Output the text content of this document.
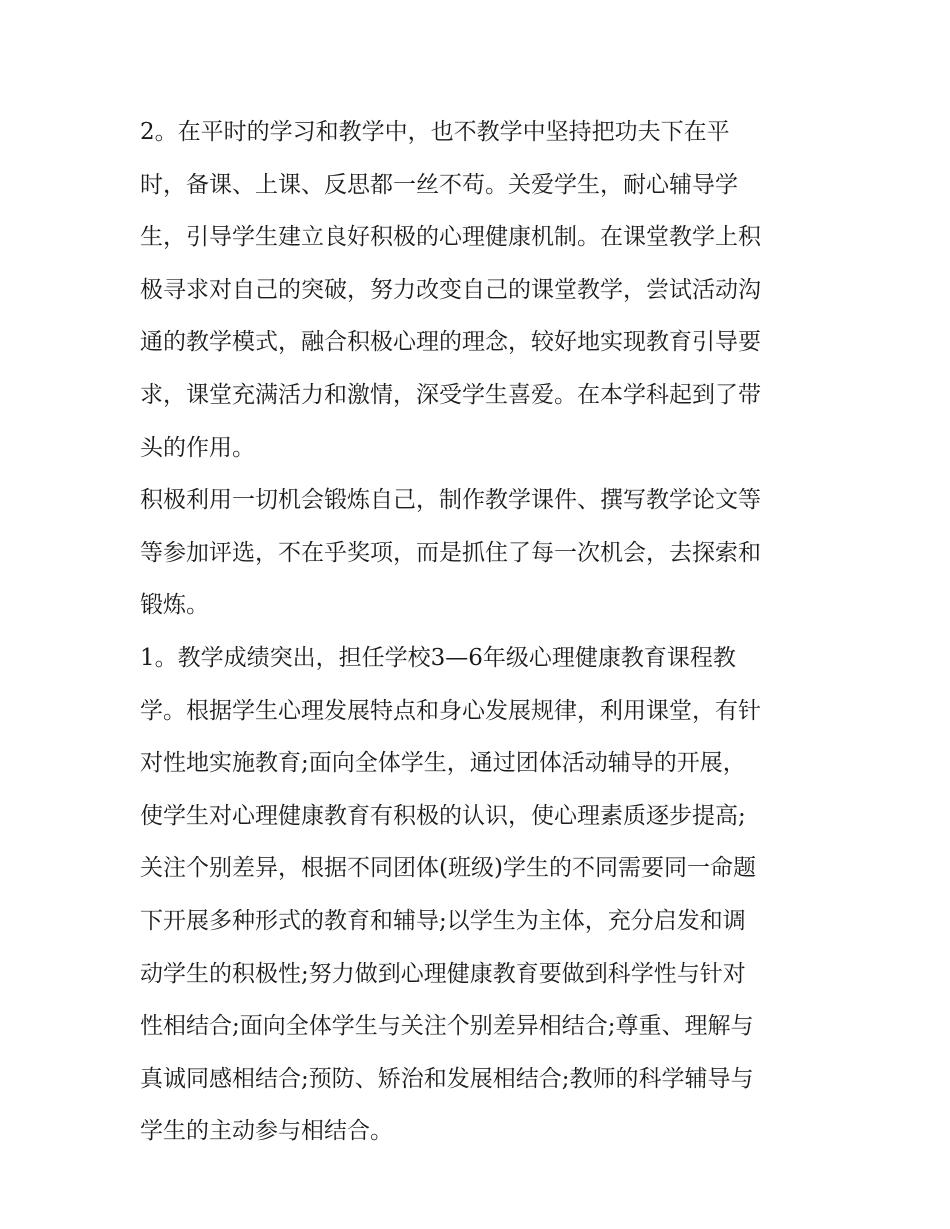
2。在平时的学习和教学中，也不教学中坚持把功夫下在平
时，备课、上课、反思都一丝不苟。关爱学生，耐心辅导学
生，引导学生建立良好积极的心理健康机制。在课堂教学上积
极寻求对自己的突破，努力改变自己的课堂教学，尝试活动沟
通的教学模式，融合积极心理的理念，较好地实现教育引导要
求，课堂充满活力和激情，深受学生喜爱。在本学科起到了带
头的作用。
积极利用一切机会锻炼自己，制作教学课件、撰写教学论文等
等参加评选，不在乎奖项，而是抓住了每一次机会，去探索和
锻炼。
1。教学成绩突出，担任学校3—6年级心理健康教育课程教
学。根据学生心理发展特点和身心发展规律，利用课堂，有针
对性地实施教育;面向全体学生，通过团体活动辅导的开展，
使学生对心理健康教育有积极的认识，使心理素质逐步提高;
关注个别差异，根据不同团体(班级)学生的不同需要同一命题
下开展多种形式的教育和辅导;以学生为主体，充分启发和调
动学生的积极性;努力做到心理健康教育要做到科学性与针对
性相结合;面向全体学生与关注个别差异相结合;尊重、理解与
真诚同感相结合;预防、矫治和发展相结合;教师的科学辅导与
学生的主动参与相结合。
